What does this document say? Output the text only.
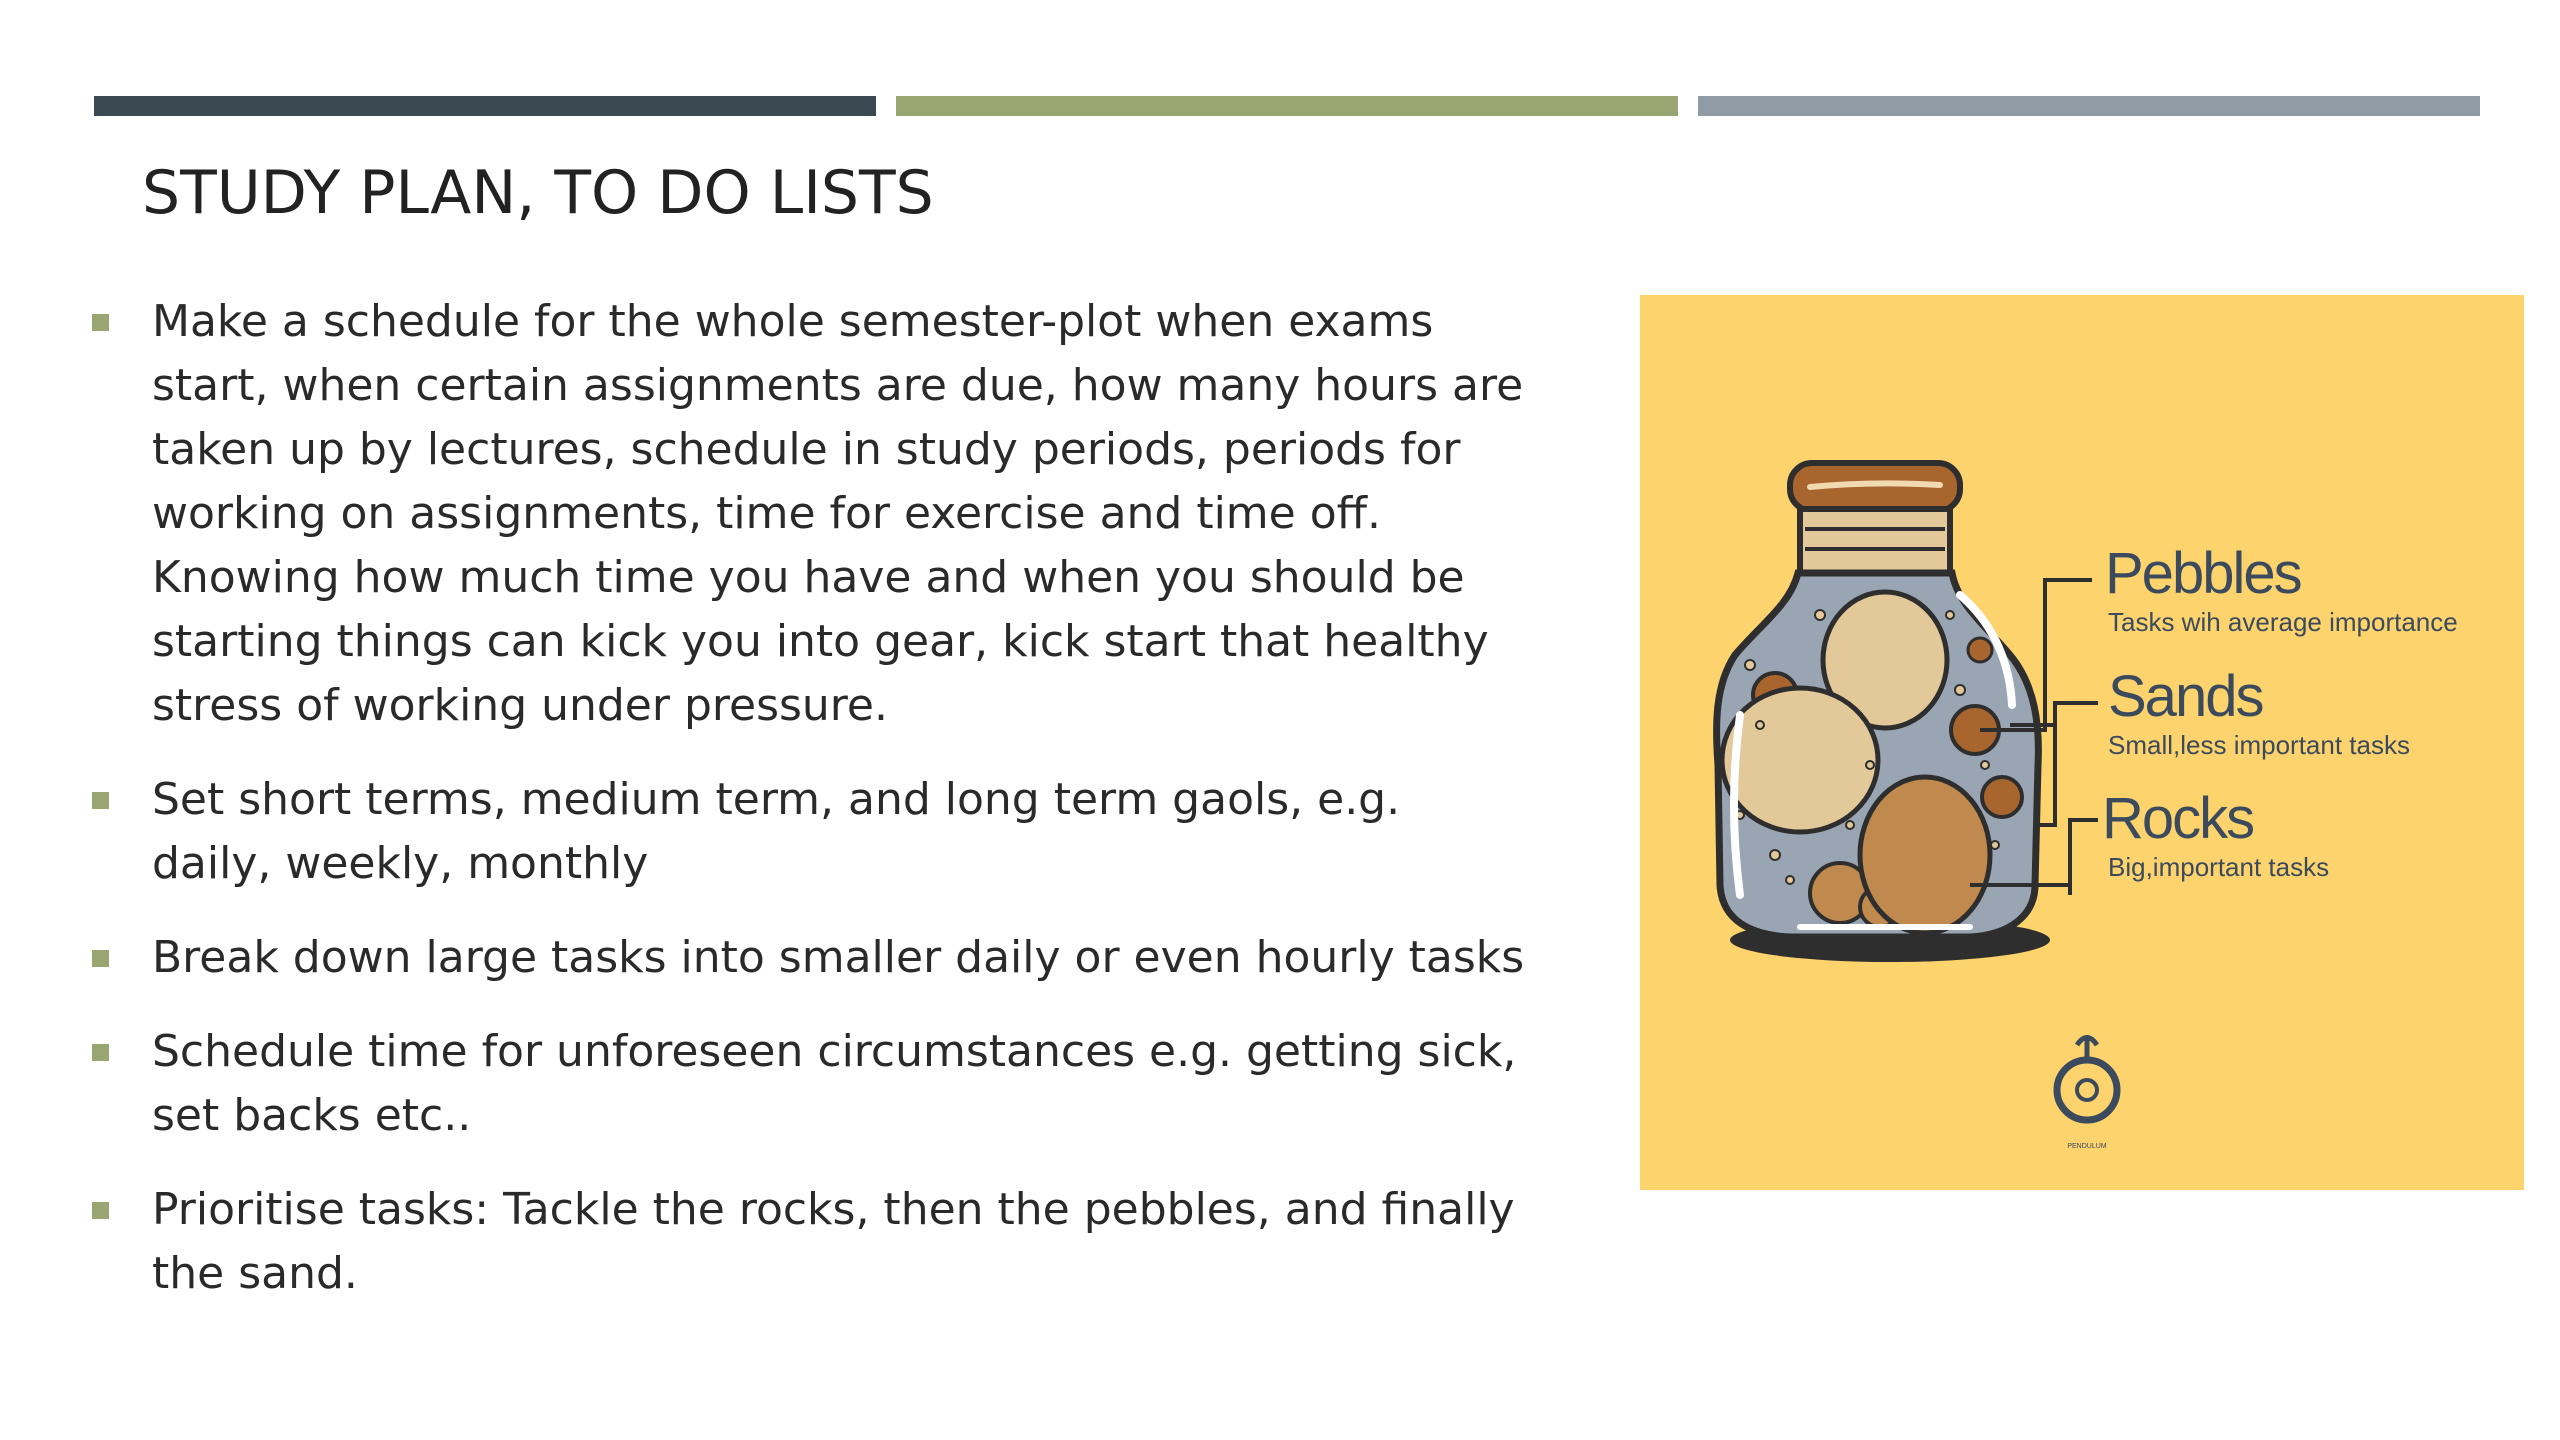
STUDY PLAN, TO DO LISTS
Make a schedule for the whole semester-plot when exams start, when certain assignments are due, how many hours are taken up by lectures, schedule in study periods, periods for working on assignments, time for exercise and time off. Knowing how much time you have and when you should be starting things can kick you into gear, kick start that healthy stress of working under pressure.
Set short terms, medium term, and long term gaols, e.g. daily, weekly, monthly
Break down large tasks into smaller daily or even hourly tasks
Schedule time for unforeseen circumstances e.g. getting sick, set backs etc..
Prioritise tasks: Tackle the rocks, then the pebbles, and finally the sand.
Pebbles
Tasks wih average importance
Sands
Small,less important tasks
Rocks
Big,important tasks
PENDULUM
